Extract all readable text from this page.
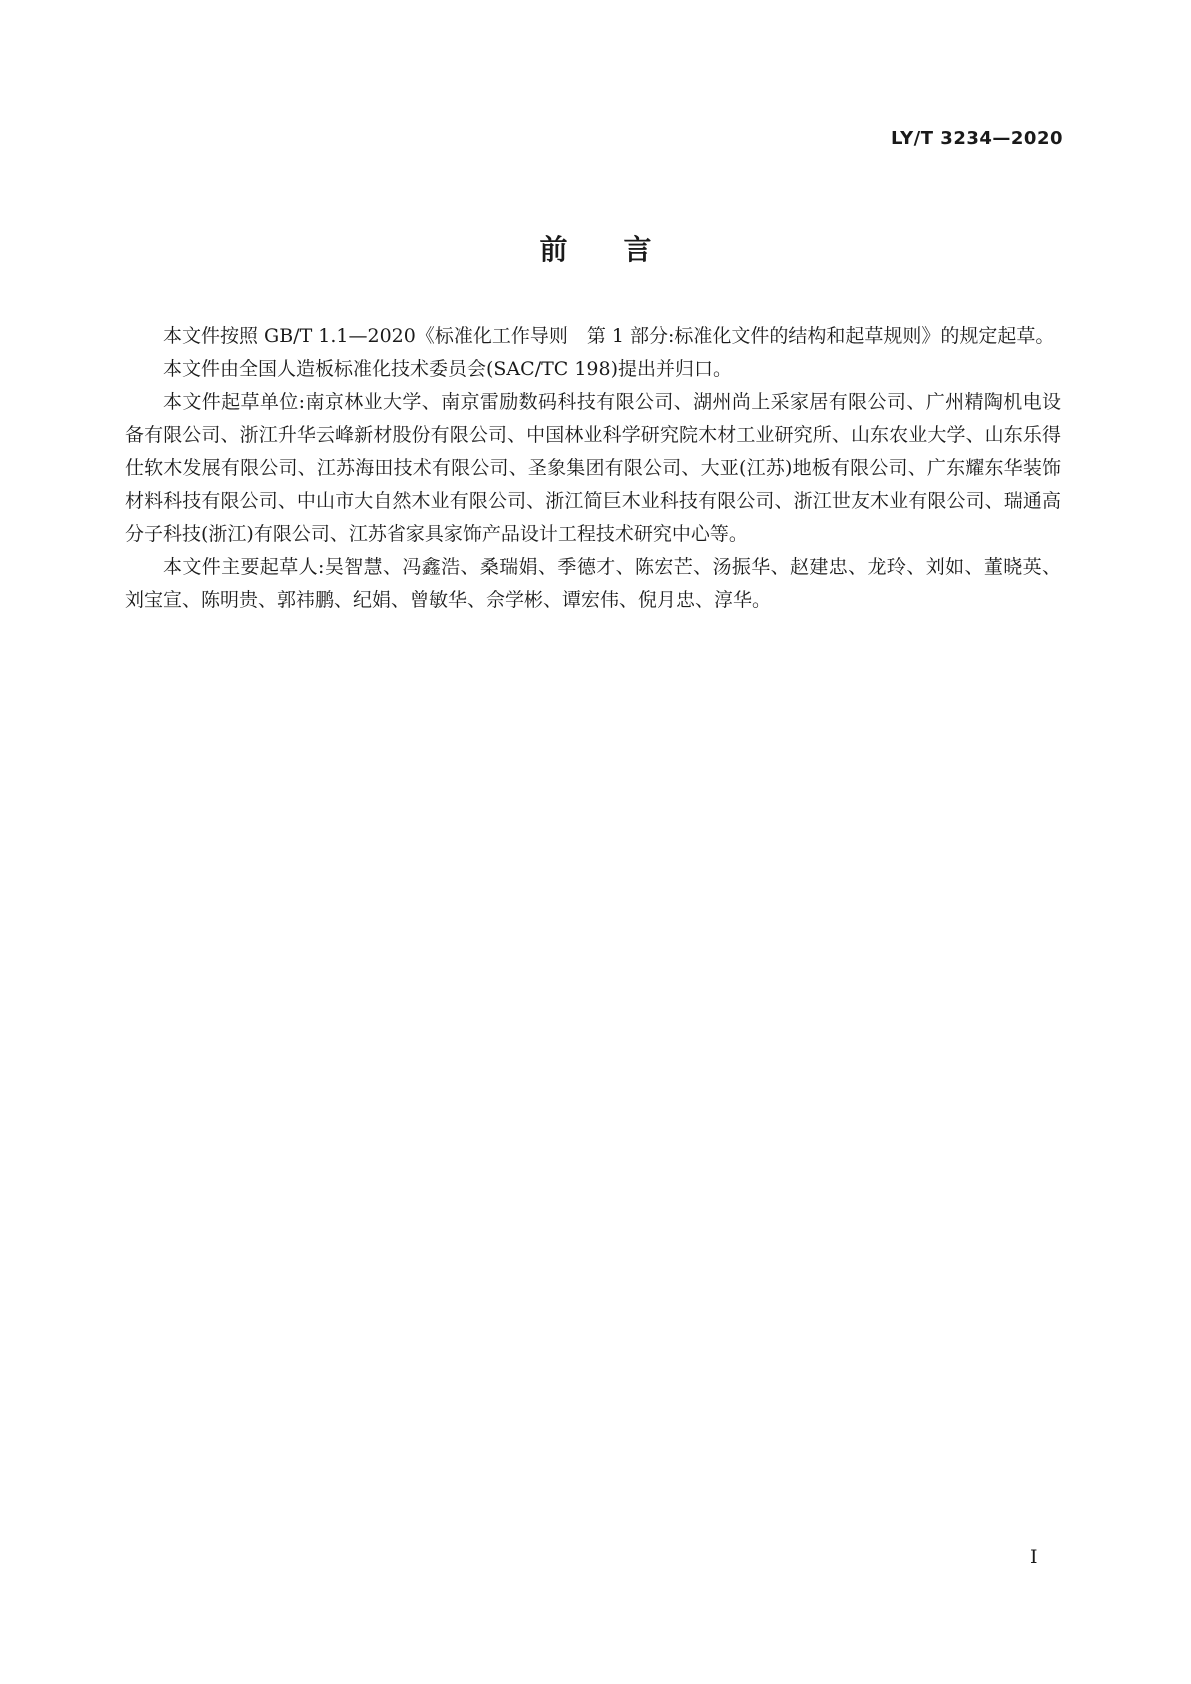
LY/T 3234—2020
前言

本文件按照 GB/T 1.1—2020《标准化工作导则　第 1 部分:标准化文件的结构和起草规则》的规定起草。

本文件由全国人造板标准化技术委员会(SAC/TC 198)提出并归口。

本文件起草单位:南京林业大学、南京雷励数码科技有限公司、湖州尚上采家居有限公司、广州精陶机电设备有限公司、浙江升华云峰新材股份有限公司、中国林业科学研究院木材工业研究所、山东农业大学、山东乐得仕软木发展有限公司、江苏海田技术有限公司、圣象集团有限公司、大亚(江苏)地板有限公司、广东耀东华装饰材料科技有限公司、中山市大自然木业有限公司、浙江简巨木业科技有限公司、浙江世友木业有限公司、瑞通高分子科技(浙江)有限公司、江苏省家具家饰产品设计工程技术研究中心等。

本文件主要起草人:吴智慧、冯鑫浩、桑瑞娟、季德才、陈宏芒、汤振华、赵建忠、龙玲、刘如、董晓英、刘宝宣、陈明贵、郭祎鹏、纪娟、曾敏华、佘学彬、谭宏伟、倪月忠、淳华。

I
